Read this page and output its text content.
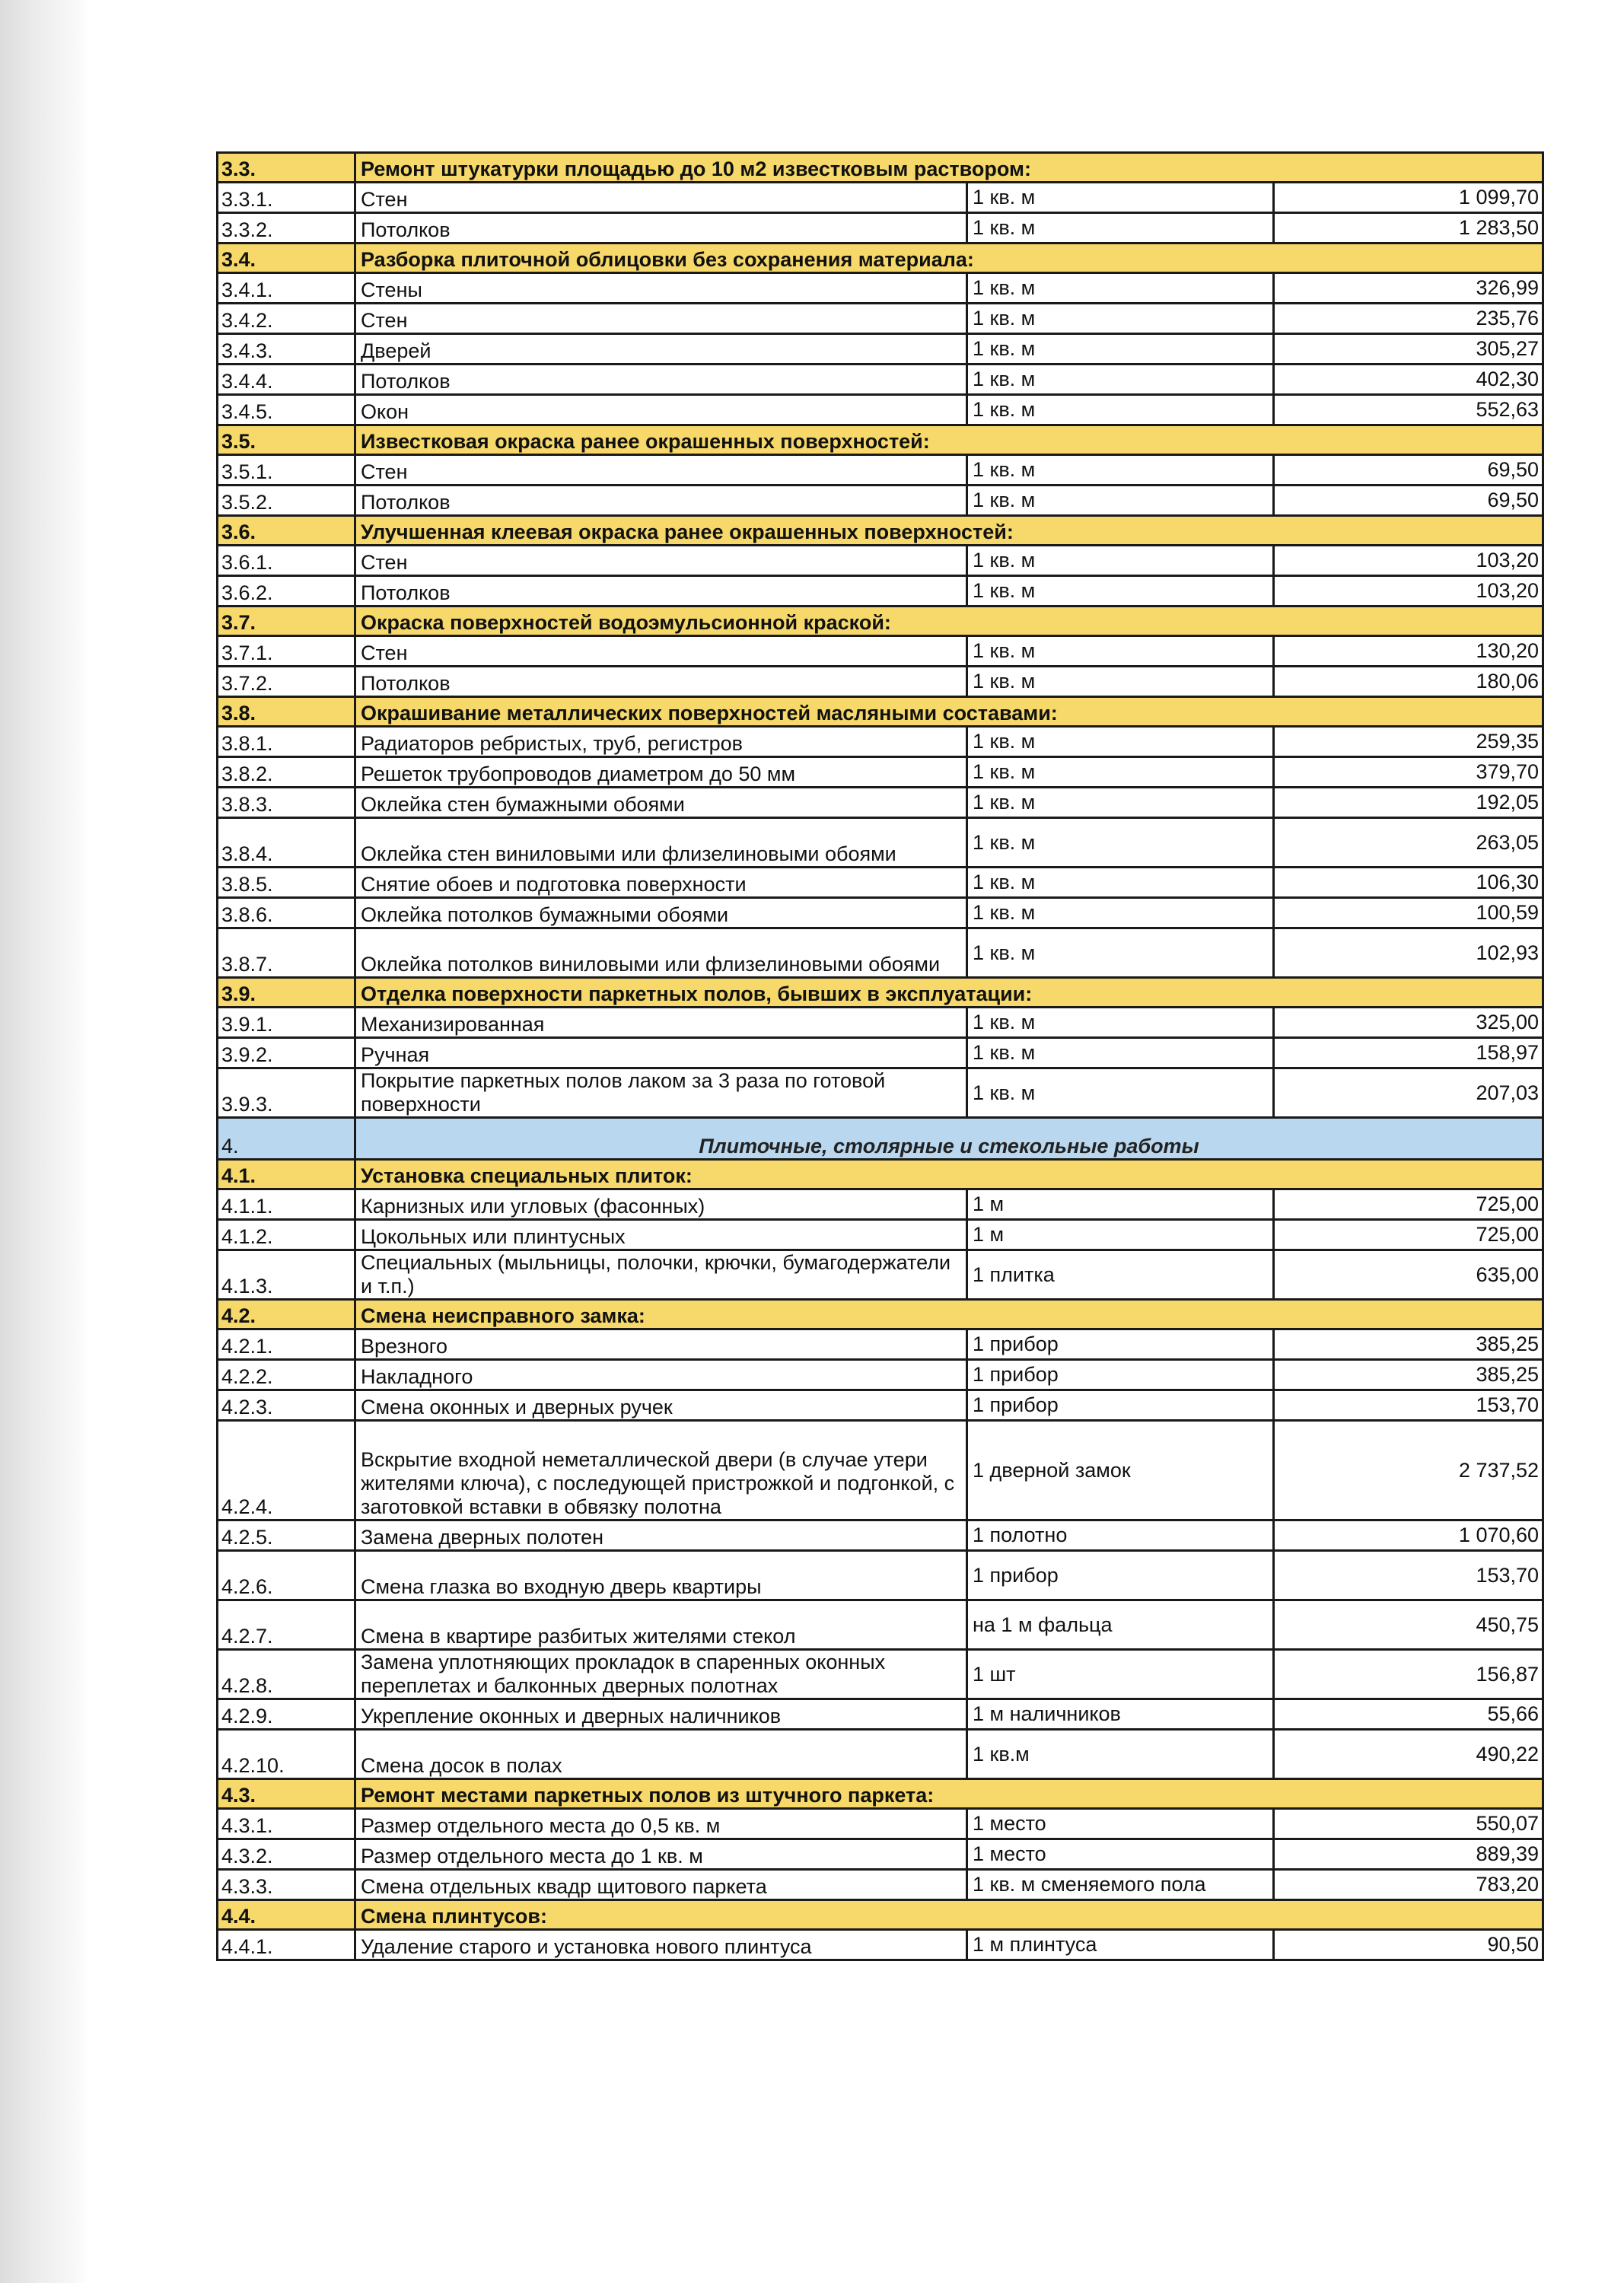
3.3.	Ремонт штукатурки площадью до 10 м2 известковым раствором:		
3.3.1.	Стен	1 кв. м	1 099,70
3.3.2.	Потолков	1 кв. м	1 283,50
3.4.	Разборка плиточной облицовки без сохранения материала:		
3.4.1.	Стены	1 кв. м	326,99
3.4.2.	Стен	1 кв. м	235,76
3.4.3.	Дверей	1 кв. м	305,27
3.4.4.	Потолков	1 кв. м	402,30
3.4.5.	Окон	1 кв. м	552,63
3.5.	Известковая окраска ранее окрашенных поверхностей:		
3.5.1.	Стен	1 кв. м	69,50
3.5.2.	Потолков	1 кв. м	69,50
3.6.	Улучшенная клеевая окраска ранее окрашенных поверхностей:		
3.6.1.	Стен	1 кв. м	103,20
3.6.2.	Потолков	1 кв. м	103,20
3.7.	Окраска поверхностей водоэмульсионной краской:		
3.7.1.	Стен	1 кв. м	130,20
3.7.2.	Потолков	1 кв. м	180,06
3.8.	Окрашивание металлических поверхностей масляными составами:		
3.8.1.	Радиаторов ребристых, труб, регистров	1 кв. м	259,35
3.8.2.	Решеток трубопроводов диаметром до 50 мм	1 кв. м	379,70
3.8.3.	Оклейка стен бумажными обоями	1 кв. м	192,05
3.8.4.	Оклейка стен виниловыми или флизелиновыми обоями	1 кв. м	263,05
3.8.5.	Снятие обоев и подготовка поверхности	1 кв. м	106,30
3.8.6.	Оклейка потолков бумажными обоями	1 кв. м	100,59
3.8.7.	Оклейка потолков виниловыми или флизелиновыми обоями	1 кв. м	102,93
3.9.	Отделка поверхности паркетных полов, бывших в эксплуатации:		
3.9.1.	Механизированная	1 кв. м	325,00
3.9.2.	Ручная	1 кв. м	158,97
3.9.3.	Покрытие паркетных полов лаком за 3 раза по готовой поверхности	1 кв. м	207,03
4.	Плиточные, столярные и стекольные работы		
4.1.	Установка специальных плиток:		
4.1.1.	Карнизных или угловых (фасонных)	1 м	725,00
4.1.2.	Цокольных или плинтусных	1 м	725,00
4.1.3.	Специальных (мыльницы, полочки, крючки, бумагодержатели и т.п.)	1 плитка	635,00
4.2.	Смена неисправного замка:		
4.2.1.	Врезного	1 прибор	385,25
4.2.2.	Накладного	1 прибор	385,25
4.2.3.	Смена оконных и дверных ручек	1 прибор	153,70
4.2.4.	Вскрытие входной неметаллической двери (в случае утери жителями ключа), с последующей пристрожкой и подгонкой, с заготовкой вставки в обвязку полотна	1 дверной замок	2 737,52
4.2.5.	Замена дверных полотен	1 полотно	1 070,60
4.2.6.	Смена глазка во входную дверь квартиры	1 прибор	153,70
4.2.7.	Смена в квартире разбитых жителями стекол	на 1 м фальца	450,75
4.2.8.	Замена уплотняющих прокладок в спаренных оконных переплетах и балконных дверных полотнах	1 шт	156,87
4.2.9.	Укрепление оконных и дверных наличников	1 м наличников	55,66
4.2.10.	Смена досок в полах	1 кв.м	490,22
4.3.	Ремонт местами паркетных полов из штучного паркета:		
4.3.1.	Размер отдельного места до 0,5 кв. м	1 место	550,07
4.3.2.	Размер отдельного места до 1 кв. м	1 место	889,39
4.3.3.	Смена отдельных квадр щитового паркета	1 кв. м сменяемого пола	783,20
4.4.	Смена плинтусов:		
4.4.1.	Удаление старого и установка нового плинтуса	1 м плинтуса	90,50
